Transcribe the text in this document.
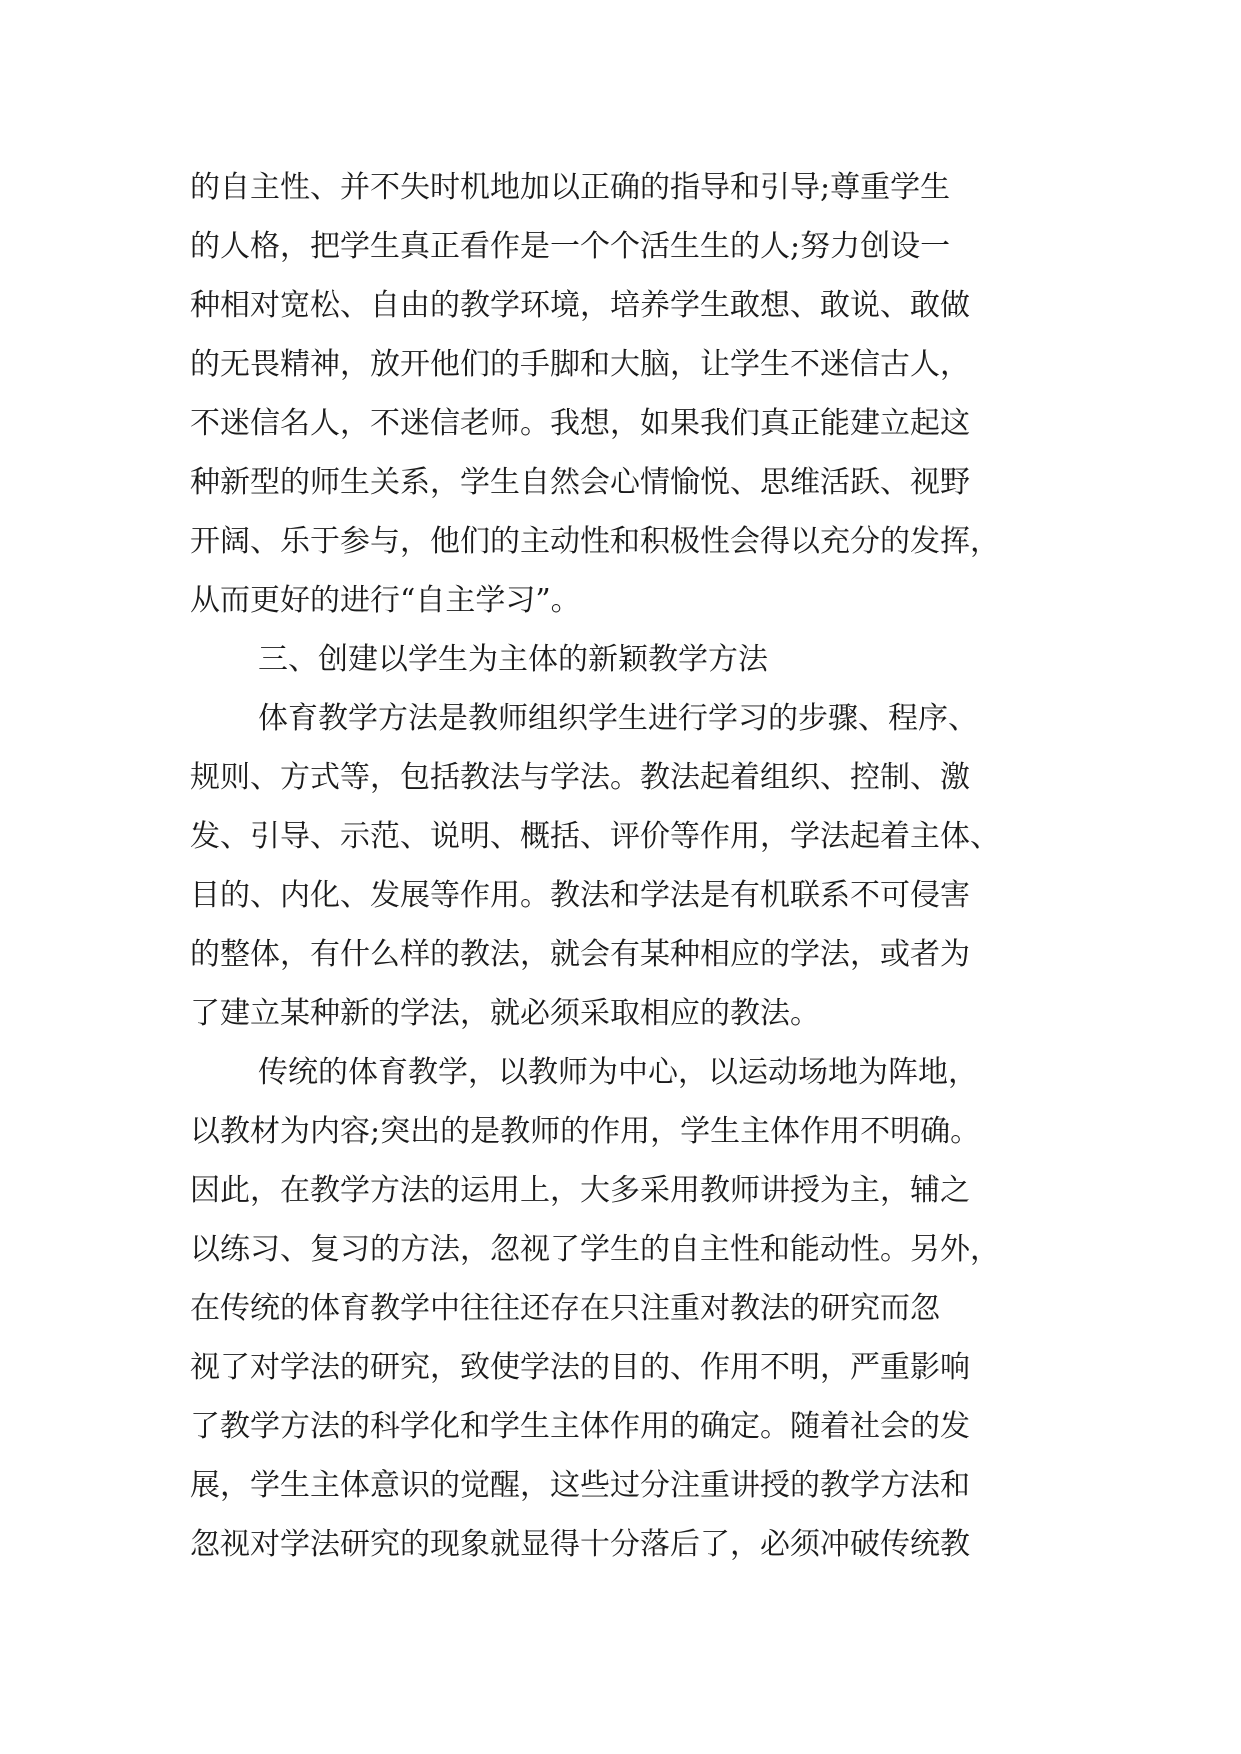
的自主性、并不失时机地加以正确的指导和引导;尊重学生
的人格，把学生真正看作是一个个活生生的人;努力创设一
种相对宽松、自由的教学环境，培养学生敢想、敢说、敢做
的无畏精神，放开他们的手脚和大脑，让学生不迷信古人，
不迷信名人，不迷信老师。我想，如果我们真正能建立起这
种新型的师生关系，学生自然会心情愉悦、思维活跃、视野
开阔、乐于参与，他们的主动性和积极性会得以充分的发挥，
从而更好的进行“自主学习”。
三、创建以学生为主体的新颖教学方法
体育教学方法是教师组织学生进行学习的步骤、程序、
规则、方式等，包括教法与学法。教法起着组织、控制、激
发、引导、示范、说明、概括、评价等作用，学法起着主体、
目的、内化、发展等作用。教法和学法是有机联系不可侵害
的整体，有什么样的教法，就会有某种相应的学法，或者为
了建立某种新的学法，就必须采取相应的教法。
传统的体育教学，以教师为中心，以运动场地为阵地，
以教材为内容;突出的是教师的作用，学生主体作用不明确。
因此，在教学方法的运用上，大多采用教师讲授为主，辅之
以练习、复习的方法，忽视了学生的自主性和能动性。另外，
在传统的体育教学中往往还存在只注重对教法的研究而忽
视了对学法的研究，致使学法的目的、作用不明，严重影响
了教学方法的科学化和学生主体作用的确定。随着社会的发
展，学生主体意识的觉醒，这些过分注重讲授的教学方法和
忽视对学法研究的现象就显得十分落后了，必须冲破传统教
